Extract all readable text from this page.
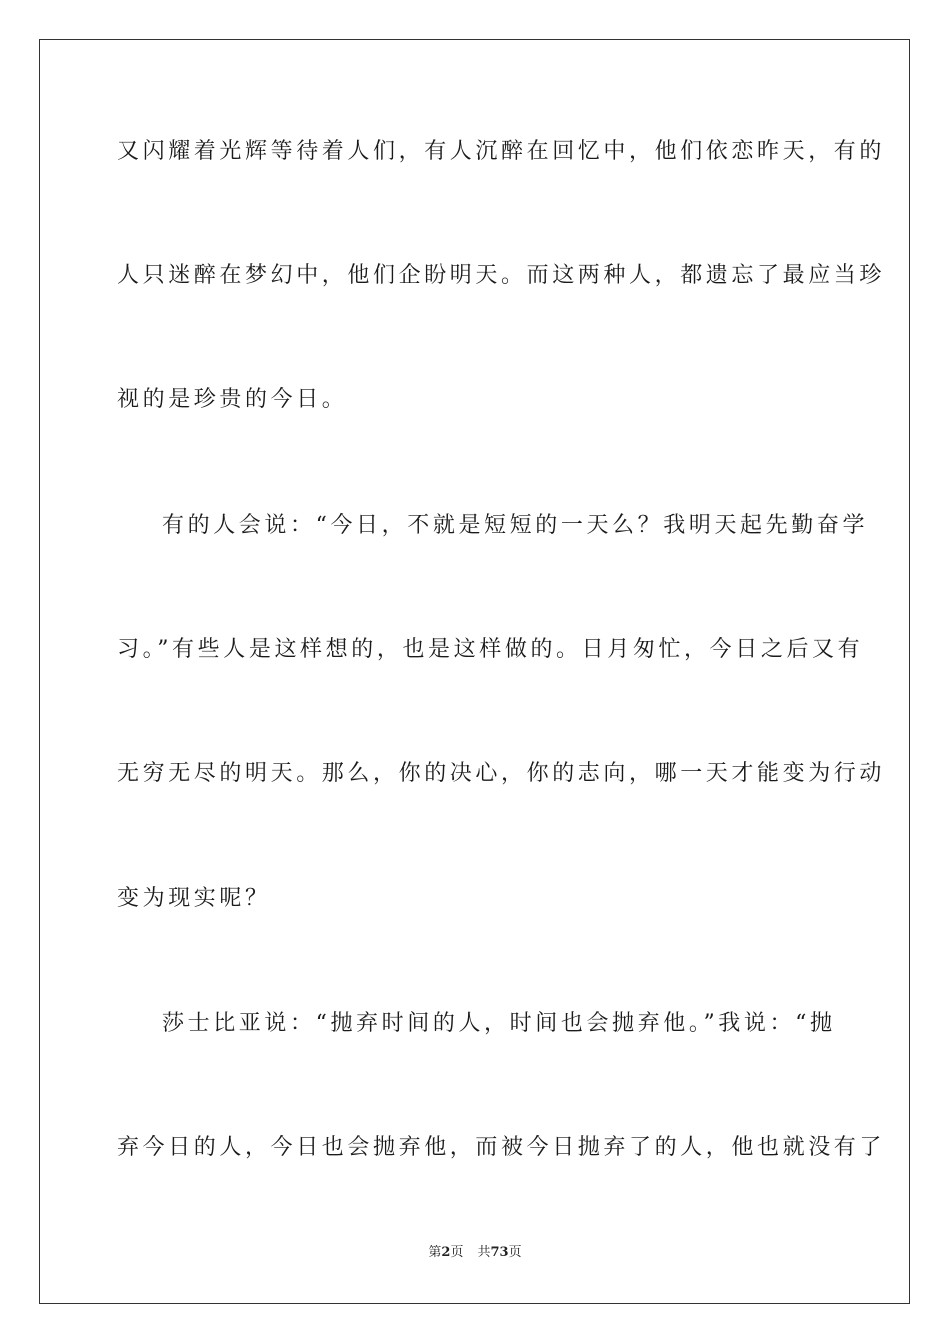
又闪耀着光辉等待着人们，有人沉醉在回忆中，他们依恋昨天，有的
人只迷醉在梦幻中，他们企盼明天。而这两种人，都遗忘了最应当珍
视的是珍贵的今日。
有的人会说：“今日，不就是短短的一天么？我明天起先勤奋学
习。”有些人是这样想的，也是这样做的。日月匆忙，今日之后又有
无穷无尽的明天。那么，你的决心，你的志向，哪一天才能变为行动
变为现实呢？
莎士比亚说：“抛弃时间的人，时间也会抛弃他。”我说：“抛
弃今日的人，今日也会抛弃他，而被今日抛弃了的人，他也就没有了
第2页 共73页
